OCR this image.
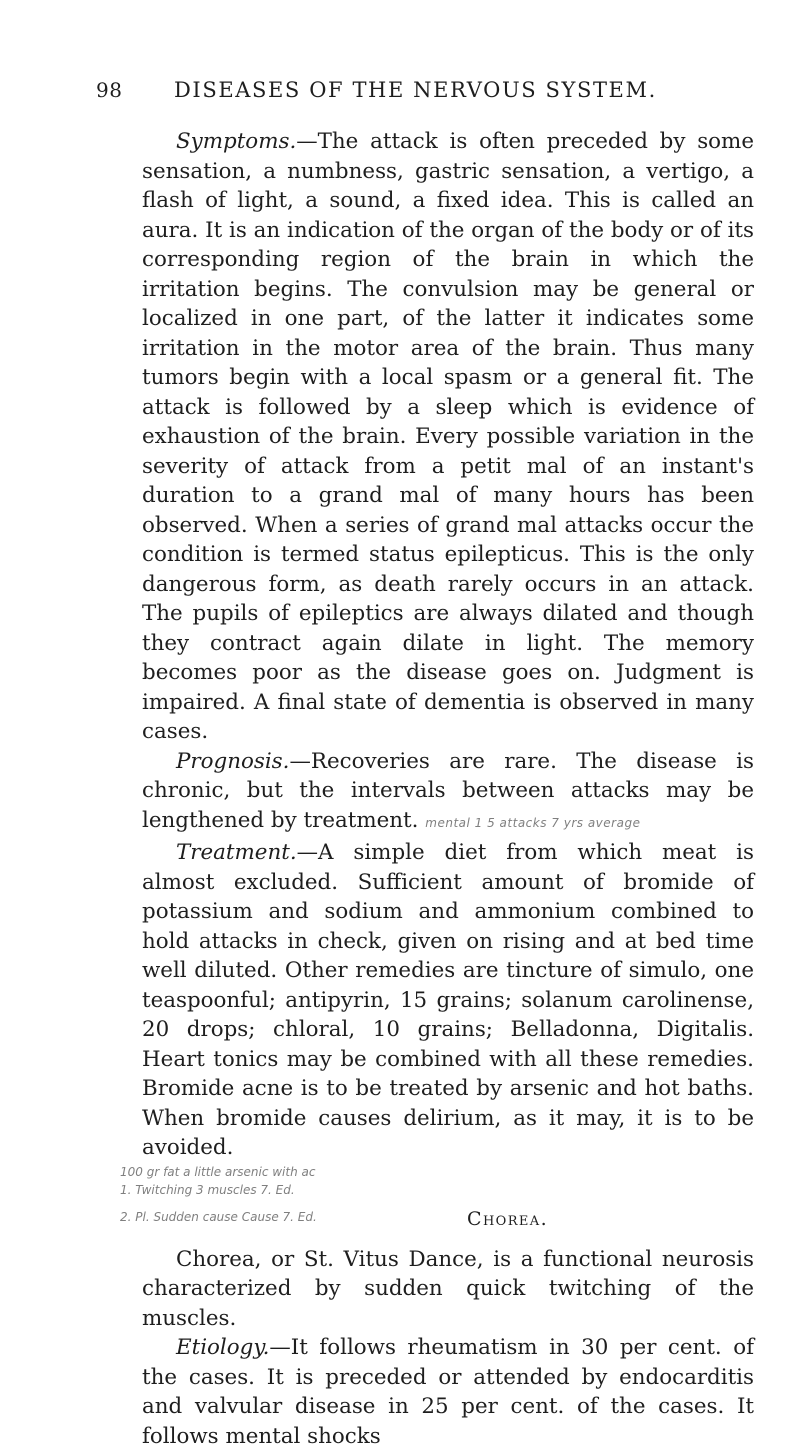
98 DISEASES OF THE NERVOUS SYSTEM.

Symptoms.—The attack is often preceded by some sensation, a numbness, gastric sensation, a vertigo, a flash of light, a sound, a fixed idea. This is called an aura. It is an indication of the organ of the body or of its corresponding region of the brain in which the irritation begins. The convulsion may be general or localized in one part, of the latter it indicates some irritation in the motor area of the brain. Thus many tumors begin with a local spasm or a general fit. The attack is followed by a sleep which is evidence of exhaustion of the brain. Every possible variation in the severity of attack from a petit mal of an instant's duration to a grand mal of many hours has been observed. When a series of grand mal attacks occur the condition is termed status epilepticus. This is the only dangerous form, as death rarely occurs in an attack. The pupils of epileptics are always dilated and though they contract again dilate in light. The memory becomes poor as the disease goes on. Judgment is impaired. A final state of dementia is observed in many cases.

Prognosis.—Recoveries are rare. The disease is chronic, but the intervals between attacks may be lengthened by treatment. mental 1 5 attacks 7 yrs average

Treatment.—A simple diet from which meat is almost excluded. Sufficient amount of bromide of potassium and sodium and ammonium combined to hold attacks in check, given on rising and at bed time well diluted. Other remedies are tincture of simulo, one teaspoonful; antipyrin, 15 grains; solanum carolinense, 20 drops; chloral, 10 grains; Belladonna, Digitalis. Heart tonics may be combined with all these remedies. Bromide acne is to be treated by arsenic and hot baths. When bromide causes delirium, as it may, it is to be avoided.

100 gr fat a little arsenic with ac
1. Twitching 3 muscles 7. Ed.
2. Pl. Sudden cause Cause 7. Ed.	Chorea.

Chorea, or St. Vitus Dance, is a functional neurosis characterized by sudden quick twitching of the muscles.

Etiology.—It follows rheumatism in 30 per cent. of the cases. It is preceded or attended by endocarditis and valvular disease in 25 per cent. of the cases. It follows mental shocks
